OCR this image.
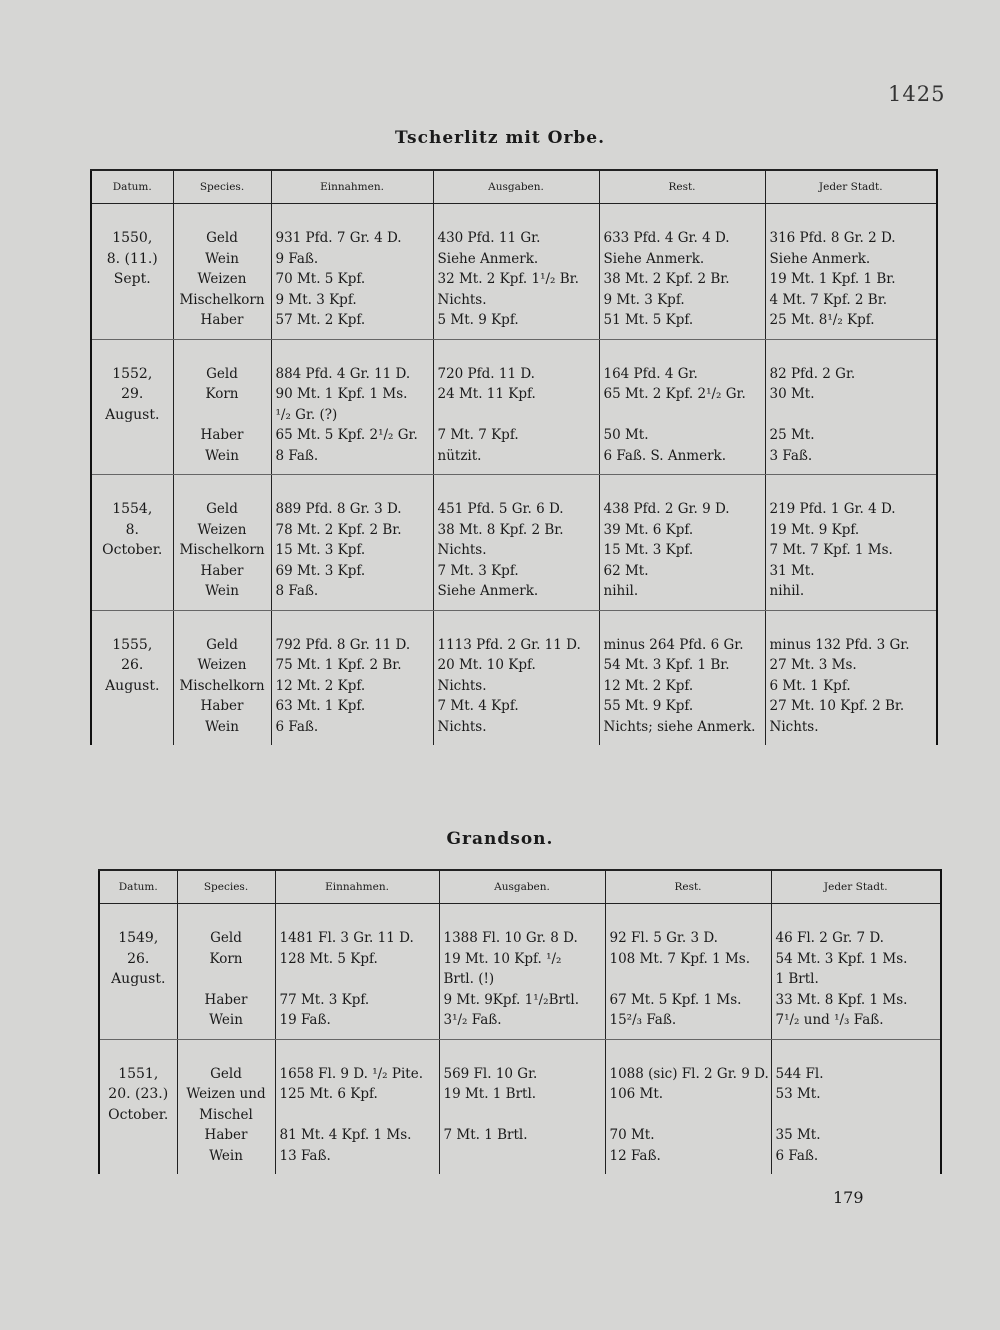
1425
Tscherlitz mit Orbe.
Datum.	Species.	Einnahmen.	Ausgaben.	Rest.	Jeder Stadt.

1550,
8. (11.)
Sept.	Geld
Wein
Weizen
Mischelkorn
Haber	931 Pfd. 7 Gr. 4 D.
9 Faß.
70 Mt. 5 Kpf.
9 Mt. 3 Kpf.
57 Mt. 2 Kpf.	430 Pfd. 11 Gr.
Siehe Anmerk.
32 Mt. 2 Kpf. 1¹/₂ Br.
Nichts.
5 Mt. 9 Kpf.	633 Pfd. 4 Gr. 4 D.
Siehe Anmerk.
38 Mt. 2 Kpf. 2 Br.
9 Mt. 3 Kpf.
51 Mt. 5 Kpf.	316 Pfd. 8 Gr. 2 D.
Siehe Anmerk.
19 Mt. 1 Kpf. 1 Br.
4 Mt. 7 Kpf. 2 Br.
25 Mt. 8¹/₂ Kpf.

1552,
29.
August.	Geld
Korn
Haber
Wein	884 Pfd. 4 Gr. 11 D.
90 Mt. 1 Kpf. 1 Ms.
¹/₂ Gr. (?)
65 Mt. 5 Kpf. 2¹/₂ Gr.
8 Faß.	720 Pfd. 11 D.
24 Mt. 11 Kpf.
7 Mt. 7 Kpf.
nützit.	164 Pfd. 4 Gr.
65 Mt. 2 Kpf. 2¹/₂ Gr.
50 Mt.
6 Faß. S. Anmerk.	82 Pfd. 2 Gr.
30 Mt.
25 Mt.
3 Faß.

1554,
8.
October.	Geld
Weizen
Mischelkorn
Haber
Wein	889 Pfd. 8 Gr. 3 D.
78 Mt. 2 Kpf. 2 Br.
15 Mt. 3 Kpf.
69 Mt. 3 Kpf.
8 Faß.	451 Pfd. 5 Gr. 6 D.
38 Mt. 8 Kpf. 2 Br.
Nichts.
7 Mt. 3 Kpf.
Siehe Anmerk.	438 Pfd. 2 Gr. 9 D.
39 Mt. 6 Kpf.
15 Mt. 3 Kpf.
62 Mt.
nihil.	219 Pfd. 1 Gr. 4 D.
19 Mt. 9 Kpf.
7 Mt. 7 Kpf. 1 Ms.
31 Mt.
nihil.

1555,
26.
August.	Geld
Weizen
Mischelkorn
Haber
Wein	792 Pfd. 8 Gr. 11 D.
75 Mt. 1 Kpf. 2 Br.
12 Mt. 2 Kpf.
63 Mt. 1 Kpf.
6 Faß.	1113 Pfd. 2 Gr. 11 D.
20 Mt. 10 Kpf.
Nichts.
7 Mt. 4 Kpf.
Nichts.	minus 264 Pfd. 6 Gr.
54 Mt. 3 Kpf. 1 Br.
12 Mt. 2 Kpf.
55 Mt. 9 Kpf.
Nichts; siehe Anmerk.	minus 132 Pfd. 3 Gr.
27 Mt. 3 Ms.
6 Mt. 1 Kpf.
27 Mt. 10 Kpf. 2 Br.
Nichts.
Grandson.
Datum.	Species.	Einnahmen.	Ausgaben.	Rest.	Jeder Stadt.

1549,
26.
August.	Geld
Korn
Haber
Wein	1481 Fl. 3 Gr. 11 D.
128 Mt. 5 Kpf.
77 Mt. 3 Kpf.
19 Faß.	1388 Fl. 10 Gr. 8 D.
19 Mt. 10 Kpf. ¹/₂
Brtl. (!)
9 Mt. 9Kpf. 1¹/₂Brtl.
3¹/₂ Faß.	92 Fl. 5 Gr. 3 D.
108 Mt. 7 Kpf. 1 Ms.
67 Mt. 5 Kpf. 1 Ms.
15²/₃ Faß.	46 Fl. 2 Gr. 7 D.
54 Mt. 3 Kpf. 1 Ms.
1 Brtl.
33 Mt. 8 Kpf. 1 Ms.
7¹/₂ und ¹/₃ Faß.

1551,
20. (23.)
October.	Geld
Weizen und
Mischel
Haber
Wein	1658 Fl. 9 D. ¹/₂ Pite.
125 Mt. 6 Kpf.
81 Mt. 4 Kpf. 1 Ms.
13 Faß.	569 Fl. 10 Gr.
19 Mt. 1 Brtl.
7 Mt. 1 Brtl.	1088 (sic) Fl. 2 Gr. 9 D.
106 Mt.
70 Mt.
12 Faß.	544 Fl.
53 Mt.
35 Mt.
6 Faß.
179
